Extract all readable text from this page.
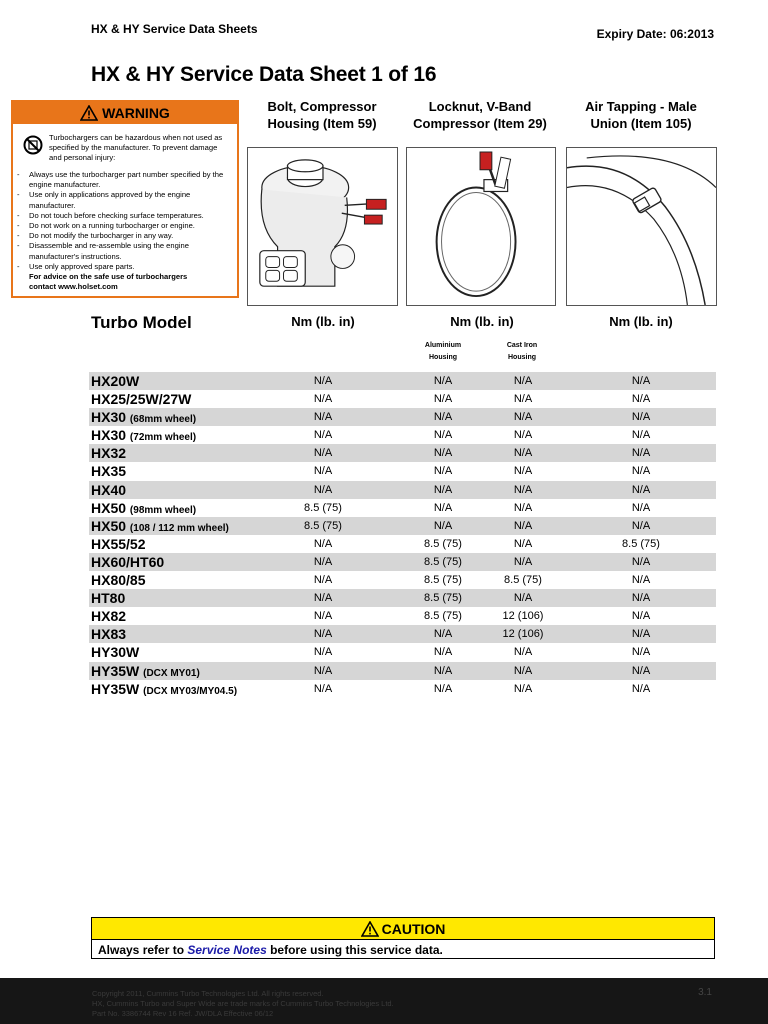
HX & HY Service Data Sheets	Expiry Date: 06:2013
HX & HY Service Data Sheet 1 of 16
WARNING
Turbochargers can be hazardous when not used as specified by the manufacturer. To prevent damage and personal injury:
- Always use the turbocharger part number specified by the engine manufacturer.
- Use only in applications approved by the engine manufacturer.
- Do not touch before checking surface temperatures.
- Do not work on a running turbocharger or engine.
- Do not modify the turbocharger in any way.
- Disassemble and re-assemble using the engine manufacturer's instructions.
- Use only approved spare parts.
For advice on the safe use of turbochargers
contact www.holset.com
Bolt, Compressor
Housing (Item 59)
Locknut, V-Band
Compressor (Item 29)
Air Tapping - Male
Union (Item 105)
Turbo Model	Nm (lb. in)	Nm (lb. in)	Nm (lb. in)
Aluminium
Housing
Cast Iron
Housing
HX20W	N/A	N/A	N/A	N/A
HX25/25W/27W	N/A	N/A	N/A	N/A
HX30 (68mm wheel)	N/A	N/A	N/A	N/A
HX30 (72mm wheel)	N/A	N/A	N/A	N/A
HX32	N/A	N/A	N/A	N/A
HX35	N/A	N/A	N/A	N/A
HX40	N/A	N/A	N/A	N/A
HX50 (98mm wheel)	8.5 (75)	N/A	N/A	N/A
HX50 (108 / 112 mm wheel)	8.5 (75)	N/A	N/A	N/A
HX55/52	N/A	8.5 (75)	N/A	8.5 (75)
HX60/HT60	N/A	8.5 (75)	N/A	N/A
HX80/85	N/A	8.5 (75)	8.5 (75)	N/A
HT80	N/A	8.5 (75)	N/A	N/A
HX82	N/A	8.5 (75)	12 (106)	N/A
HX83	N/A	N/A	12 (106)	N/A
HY30W	N/A	N/A	N/A	N/A
HY35W (DCX MY01)	N/A	N/A	N/A	N/A
HY35W (DCX MY03/MY04.5)	N/A	N/A	N/A	N/A
CAUTION
Always refer to Service Notes before using this service data.
Copyright 2011, Cummins Turbo Technologies Ltd. All rights reserved.
HX, Cummins Turbo and Super Wide are trade marks of Cummins Turbo Technologies Ltd.
Part No. 3386744 Rev 16 Ref. JW/DLA Effective 06/12
3.1
